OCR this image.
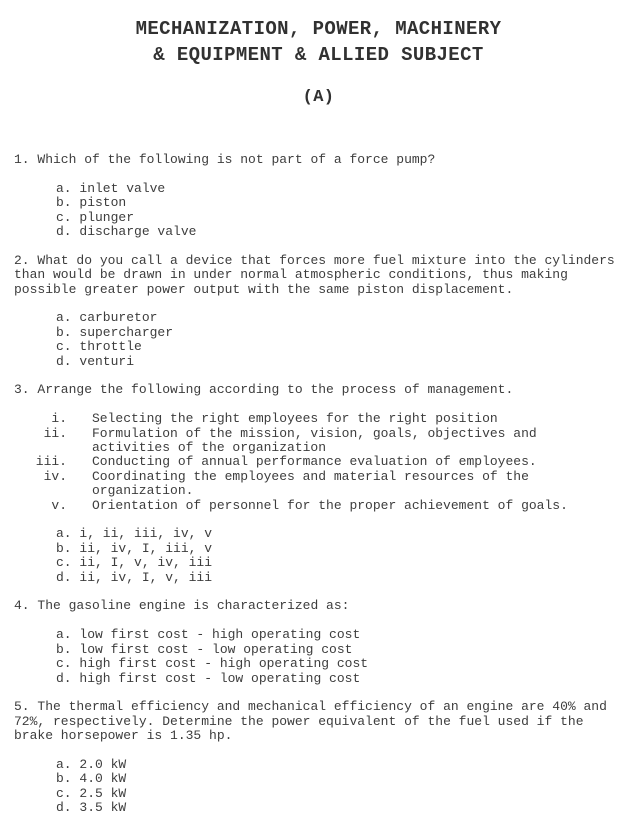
MECHANIZATION, POWER, MACHINERY
& EQUIPMENT & ALLIED SUBJECT
(A)

1. Which of the following is not part of a force pump?

a. inlet valve
b. piston
c. plunger
d. discharge valve

2. What do you call a device that forces more fuel mixture into the cylinders than would be drawn in under normal atmospheric conditions, thus making possible greater power output with the same piston displacement.

a. carburetor
b. supercharger
c. throttle
d. venturi

3. Arrange the following according to the process of management.

i. Selecting the right employees for the right position
ii. Formulation of the mission, vision, goals, objectives and activities of the organization
iii. Conducting of annual performance evaluation of employees.
iv. Coordinating the employees and material resources of the organization.
v. Orientation of personnel for the proper achievement of goals.
a. i, ii, iii, iv, v
b. ii, iv, I, iii, v
c. ii, I, v, iv, iii
d. ii, iv, I, v, iii

4. The gasoline engine is characterized as:

a. low first cost - high operating cost
b. low first cost - low operating cost
c. high first cost - high operating cost
d. high first cost - low operating cost

5. The thermal efficiency and mechanical efficiency of an engine are 40% and 72%, respectively. Determine the power equivalent of the fuel used if the brake horsepower is 1.35 hp.

a. 2.0 kW
b. 4.0 kW
c. 2.5 kW
d. 3.5 kW
